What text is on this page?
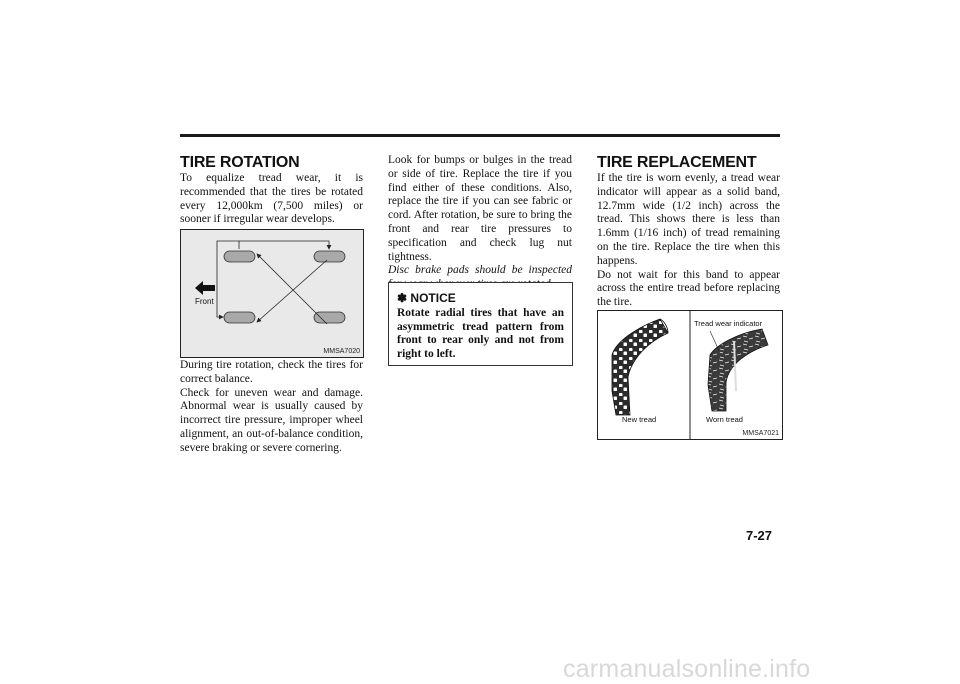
TIRE ROTATION

To equalize tread wear, it is recommended that the tires be rotated every 12,000km (7,500 miles) or sooner if irregular wear develops.

Front
MMSA7020

During tire rotation, check the tires for correct balance.

Check for uneven wear and damage. Abnormal wear is usually caused by incorrect tire pressure, improper wheel alignment, an out-of-balance condition, severe braking or severe cornering.

Look for bumps or bulges in the tread or side of tire. Replace the tire if you find either of these conditions. Also, replace the tire if you can see fabric or cord. After rotation, be sure to bring the front and rear tire pressures to specification and check lug nut tightness.

Disc brake pads should be inspected

✽ NOTICE

Rotate radial tires that have an asymmetric tread pattern from front to rear only and not from right to left.

TIRE REPLACEMENT

If the tire is worn evenly, a tread wear indicator will appear as a solid band, 12.7mm wide (1/2 inch) across the tread. This shows there is less than 1.6mm (1/16 inch) of tread remaining on the tire. Replace the tire when this happens.

Do not wait for this band to appear across the entire tread before replacing the tire.

Tread wear indicator
New tread	Worn tread
MMSA7021
7-27
carmanualsonline.info
